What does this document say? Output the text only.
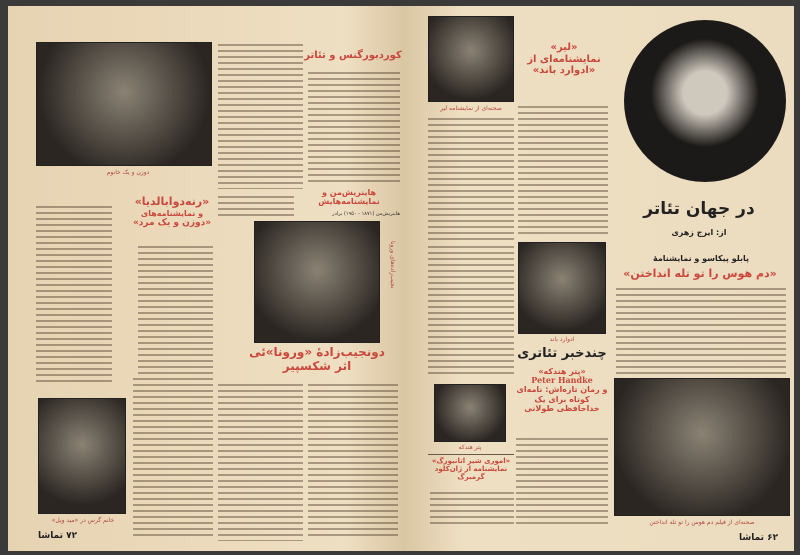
دوزن و یک خانوم
کوردبورگنس و تئاتر
هاینریش‌من و نمایشنامه‌هایش
هاینریش‌من (۱۸۷۱ - ۱۹۵۰) برادر
نجیب‌زاده‌های ورونا
دونجیب‌زادهٔ «ورونا»ئی
اثر شکسپیر
«رنه‌دوابالدیا»
و نمایشنامه‌های
«دوزن و یک مرد»
خانم گرس در «مید ویل»
۷۲ تماشا
صحنه‌ای از نمایشنامه لیر
«لیر»
نمایشنامه‌ای از
«ادوارد باند»
در جهان تئاتر
از: ایرج زهری
پابلو پیکاسو و نمایشنامهٔ
«دم هوس را تو تله انداختن»
ادوارد باند
چندخبر تئاتری
«پتر هندکه»
Peter Handke
و رمان تازه‌اش: نامه‌ای کوتاه برای یک خداحافظی طولانی
پتر هندکه
«اموری شیر اتانبورگ»
نمایشنامه از ژان‌کلود گرمبرگ
صحنه‌ای از فیلم دم هوس را تو تله انداختن
۶۲ تماشا
